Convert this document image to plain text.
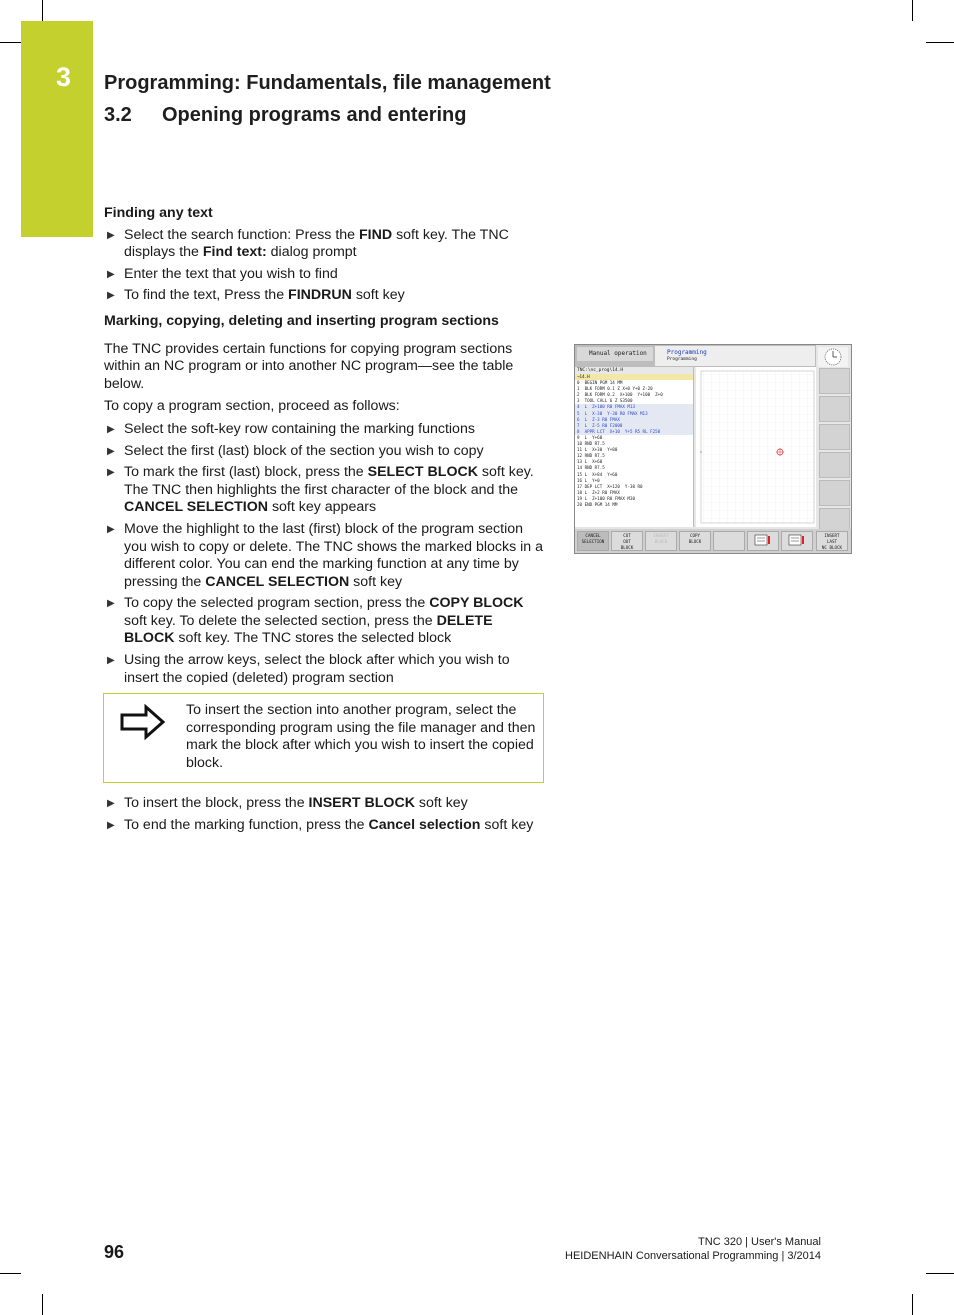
3 Programming: Fundamentals, file management
3.2 Opening programs and entering
Finding any text
▶ Select the search function: Press the FIND soft key. The TNC displays the Find text: dialog prompt
▶ Enter the text that you wish to find
▶ To find the text, Press the FINDRUN soft key
Marking, copying, deleting and inserting program sections
The TNC provides certain functions for copying program sections within an NC program or into another NC program—see the table below.
To copy a program section, proceed as follows:
▶ Select the soft-key row containing the marking functions
▶ Select the first (last) block of the section you wish to copy
▶ To mark the first (last) block, press the SELECT BLOCK soft key. The TNC then highlights the first character of the block and the CANCEL SELECTION soft key appears
▶ Move the highlight to the last (first) block of the program section you wish to copy or delete. The TNC shows the marked blocks in a different color. You can end the marking function at any time by pressing the CANCEL SELECTION soft key
▶ To copy the selected program section, press the COPY BLOCK soft key. To delete the selected section, press the DELETE BLOCK soft key. The TNC stores the selected block
▶ Using the arrow keys, select the block after which you wish to insert the copied (deleted) program section
To insert the section into another program, select the corresponding program using the file manager and then mark the block after which you wish to insert the copied block.
▶ To insert the block, press the INSERT BLOCK soft key
▶ To end the marking function, press the Cancel selection soft key
Manual operation	Programming
Programming
TNC:\nc_prog\14.H
→14.H
0  BEGIN PGM 14 MM
1  BLK FORM 0.1 Z X+0 Y+0 Z-20
2  BLK FORM 0.2  X+100  Y+100  Z+0
3  TOOL CALL 6 Z S3500
4  L  Z+100 R0 FMAX M13
5  L  X-30  Y-30 R0 FMAX M13
6  L  Z-3 R0 FMAX
7  L  Z-5 R0 F2000
8  APPR LCT  X+10  Y+5 R5 RL F250
9  L  Y+60
10 RND R7.5
11 L  X+30  Y+80
12 RND R7.5
13 L  X+60
14 RND R7.5
15 L  X+84  Y+60
16 L  Y+0
17 DEP LCT  X+120  Y-30 R0
18 L  Z+2 R0 FMAX
19 L  Z+100 R0 FMAX M30
20 END PGM 14 MM
CANCEL
SELECTION
CUT
OUT
BLOCK
INSERT
BLOCK
COPY
BLOCK
INSERT
LAST
NC BLOCK
96	TNC 320 | User's Manual
HEIDENHAIN Conversational Programming | 3/2014
